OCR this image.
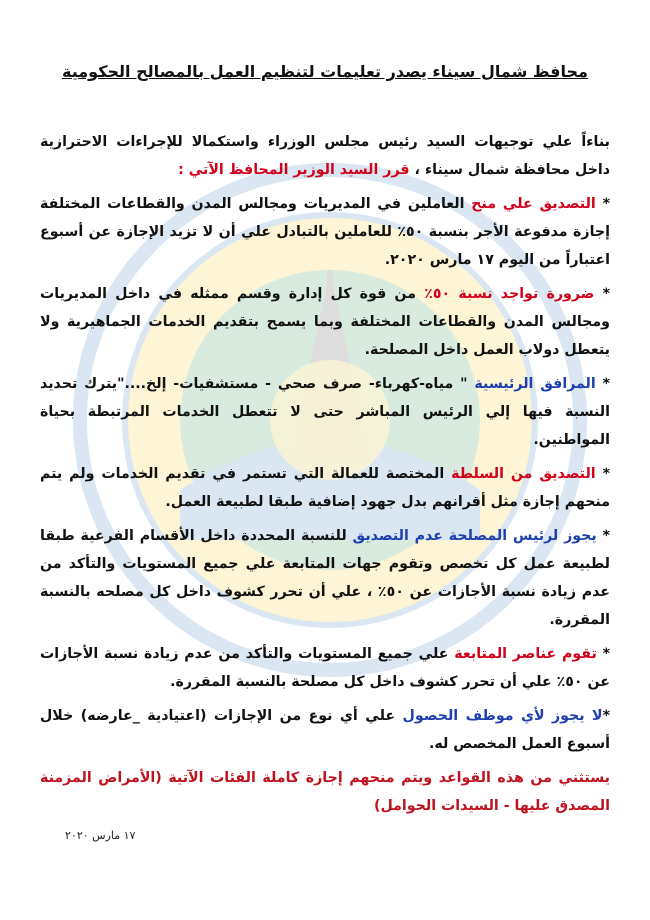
محافظ شمال سيناء يصدر تعليمات لتنظيم العمل بالمصالح الحكومية

بناءاً علي توجيهات السيد رئيس مجلس الوزراء واستكمالا للإجراءات الاحترازية داخل محافظة شمال سيناء ، قرر السيد الوزير المحافظ الآتي :

* التصديق علي منح العاملين في المديريات ومجالس المدن والقطاعات المختلفة إجازة مدفوعة الأجر بنسبة ٥٠٪ للعاملين بالتبادل علي أن لا تزيد الإجازة عن أسبوع اعتباراً من اليوم ١٧ مارس ٢٠٢٠.

* ضرورة تواجد نسبة ٥٠٪ من قوة كل إدارة وقسم ممثله في داخل المديريات ومجالس المدن والقطاعات المختلفة وبما يسمح بتقديم الخدمات الجماهيرية ولا يتعطل دولاب العمل داخل المصلحة.

* المرافق الرئيسية " مياه-كهرباء- صرف صحي - مستشفيات- إلخ...."يترك تحديد النسبة فيها إلي الرئيس المباشر حتى لا تتعطل الخدمات المرتبطة بحياة المواطنين.

* التصديق من السلطة المختصة للعمالة التي تستمر في تقديم الخدمات ولم يتم منحهم إجازة مثل أقرانهم بدل جهود إضافية طبقا لطبيعة العمل.

* يجوز لرئيس المصلحة عدم التصديق للنسبة المحددة داخل الأقسام الفرعية طبقا لطبيعة عمل كل تخصص وتقوم جهات المتابعة علي جميع المستويات والتأكد من عدم زيادة نسبة الأجازات عن ٥٠٪ ، علي أن تحرر كشوف داخل كل مصلحه بالنسبة المقررة.

* تقوم عناصر المتابعة علي جميع المستويات والتأكد من عدم زيادة نسبة الأجازات عن ٥٠٪ علي أن تحرر كشوف داخل كل مصلحة بالنسبة المقررة.

*لا يجوز لأي موظف الحصول علي أي نوع من الإجازات (اعتيادية _عارضه) خلال أسبوع العمل المخصص له.

يستثني من هذه القواعد ويتم منحهم إجازة كاملة الفئات الآتية (الأمراض المزمنة المصدق عليها - السيدات الحوامل)

١٧ مارس ٢٠٢٠
